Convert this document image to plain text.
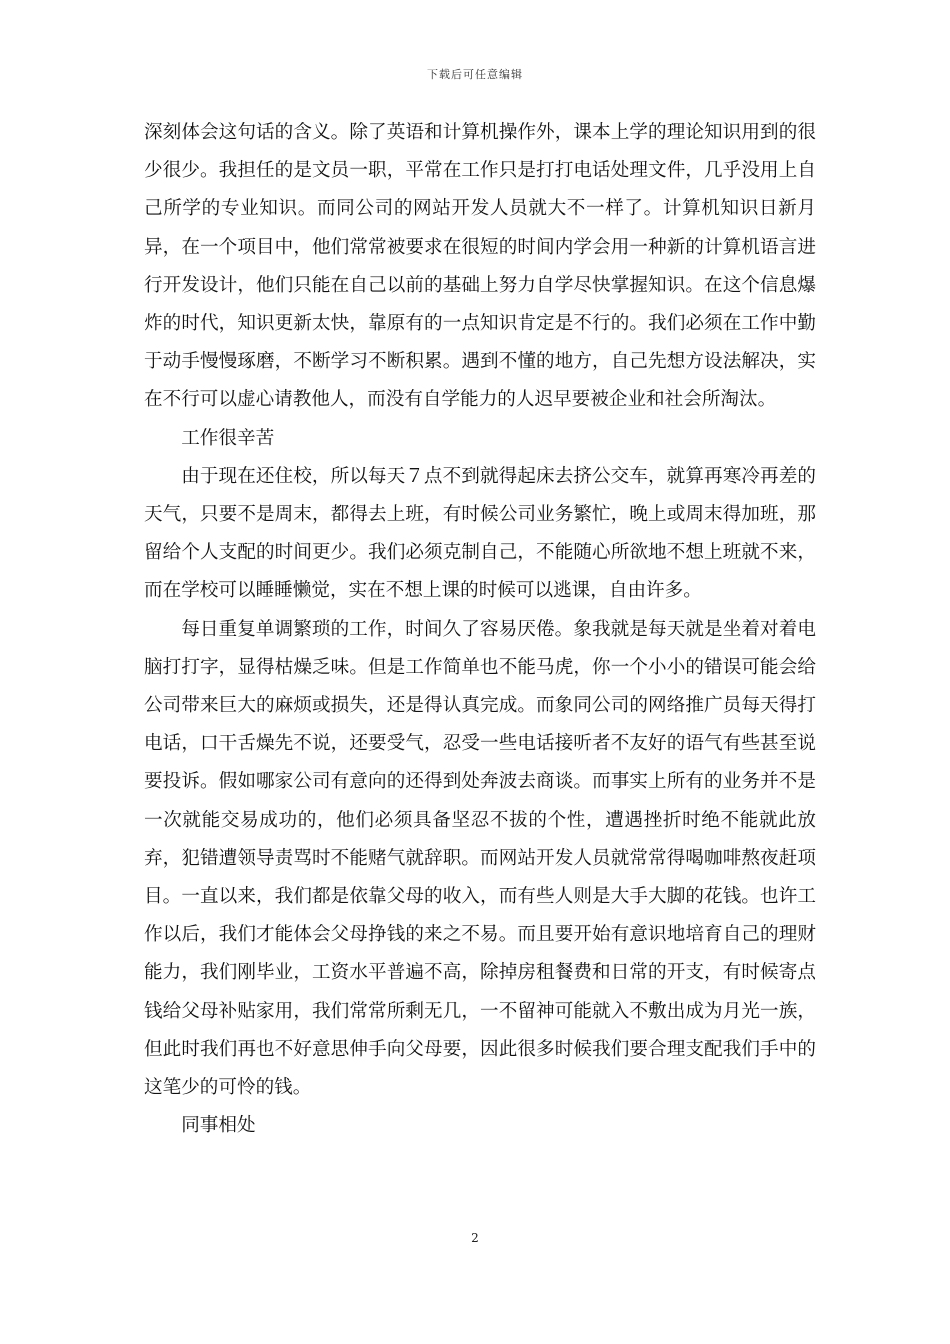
下载后可任意编辑

深刻体会这句话的含义。除了英语和计算机操作外，课本上学的理论知识用到的很少很少。我担任的是文员一职，平常在工作只是打打电话处理文件，几乎没用上自己所学的专业知识。而同公司的网站开发人员就大不一样了。计算机知识日新月异，在一个项目中，他们常常被要求在很短的时间内学会用一种新的计算机语言进行开发设计，他们只能在自己以前的基础上努力自学尽快掌握知识。在这个信息爆炸的时代，知识更新太快，靠原有的一点知识肯定是不行的。我们必须在工作中勤于动手慢慢琢磨，不断学习不断积累。遇到不懂的地方，自己先想方设法解决，实在不行可以虚心请教他人，而没有自学能力的人迟早要被企业和社会所淘汰。

工作很辛苦

由于现在还住校，所以每天７点不到就得起床去挤公交车，就算再寒冷再差的天气，只要不是周末，都得去上班，有时候公司业务繁忙，晚上或周末得加班，那留给个人支配的时间更少。我们必须克制自己，不能随心所欲地不想上班就不来，而在学校可以睡睡懒觉，实在不想上课的时候可以逃课，自由许多。

每日重复单调繁琐的工作，时间久了容易厌倦。象我就是每天就是坐着对着电脑打打字，显得枯燥乏味。但是工作简单也不能马虎，你一个小小的错误可能会给公司带来巨大的麻烦或损失，还是得认真完成。而象同公司的网络推广员每天得打电话，口干舌燥先不说，还要受气，忍受一些电话接听者不友好的语气有些甚至说要投诉。假如哪家公司有意向的还得到处奔波去商谈。而事实上所有的业务并不是一次就能交易成功的，他们必须具备坚忍不拔的个性，遭遇挫折时绝不能就此放弃，犯错遭领导责骂时不能赌气就辞职。而网站开发人员就常常得喝咖啡熬夜赶项目。一直以来，我们都是依靠父母的收入，而有些人则是大手大脚的花钱。也许工作以后，我们才能体会父母挣钱的来之不易。而且要开始有意识地培育自己的理财能力，我们刚毕业，工资水平普遍不高，除掉房租餐费和日常的开支，有时候寄点钱给父母补贴家用，我们常常所剩无几，一不留神可能就入不敷出成为月光一族，但此时我们再也不好意思伸手向父母要，因此很多时候我们要合理支配我们手中的这笔少的可怜的钱。

同事相处

2
